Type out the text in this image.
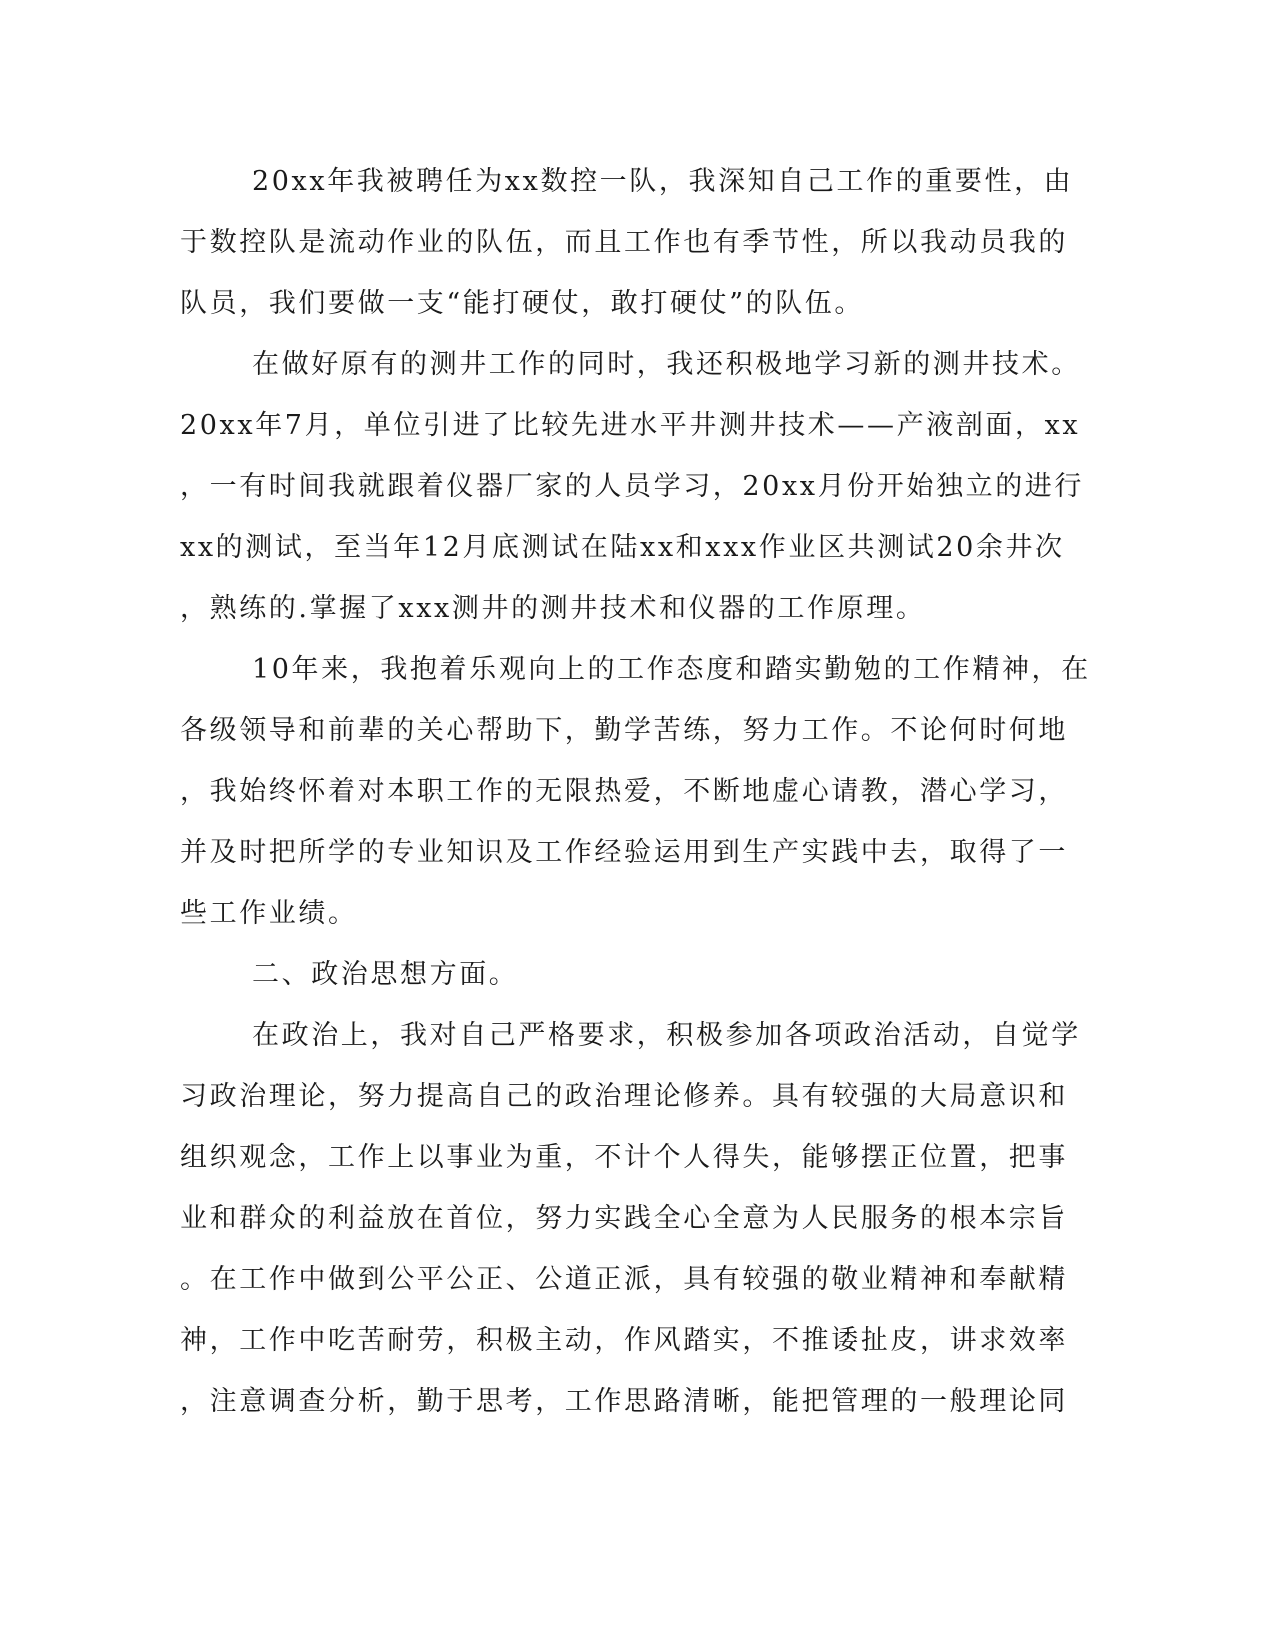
20xx年我被聘任为xx数控一队，我深知自己工作的重要性，由
于数控队是流动作业的队伍，而且工作也有季节性，所以我动员我的
队员，我们要做一支“能打硬仗，敢打硬仗”的队伍。
在做好原有的测井工作的同时，我还积极地学习新的测井技术。
20xx年7月，单位引进了比较先进水平井测井技术——产液剖面，xx
，一有时间我就跟着仪器厂家的人员学习，20xx月份开始独立的进行
xx的测试，至当年12月底测试在陆xx和xxx作业区共测试20余井次
，熟练的.掌握了xxx测井的测井技术和仪器的工作原理。
10年来，我抱着乐观向上的工作态度和踏实勤勉的工作精神，在
各级领导和前辈的关心帮助下，勤学苦练，努力工作。不论何时何地
，我始终怀着对本职工作的无限热爱，不断地虚心请教，潜心学习，
并及时把所学的专业知识及工作经验运用到生产实践中去，取得了一
些工作业绩。
二、政治思想方面。
在政治上，我对自己严格要求，积极参加各项政治活动，自觉学
习政治理论，努力提高自己的政治理论修养。具有较强的大局意识和
组织观念，工作上以事业为重，不计个人得失，能够摆正位置，把事
业和群众的利益放在首位，努力实践全心全意为人民服务的根本宗旨
。在工作中做到公平公正、公道正派，具有较强的敬业精神和奉献精
神，工作中吃苦耐劳，积极主动，作风踏实，不推诿扯皮，讲求效率
，注意调查分析，勤于思考，工作思路清晰，能把管理的一般理论同
